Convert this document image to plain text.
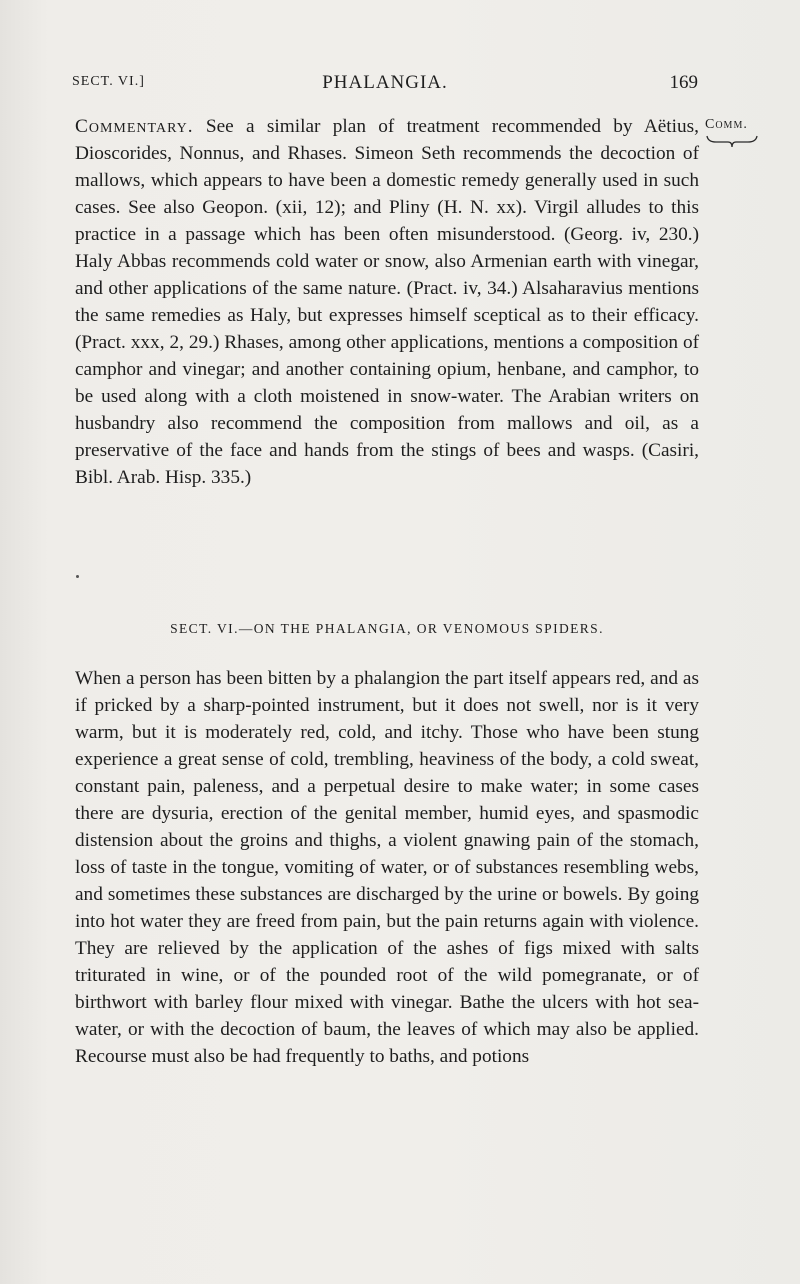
SECT. VI.]	PHALANGIA.	169
Comm.

Commentary. See a similar plan of treatment recommended by Aëtius, Dioscorides, Nonnus, and Rhases. Simeon Seth recommends the decoction of mallows, which appears to have been a domestic remedy generally used in such cases. See also Geopon. (xii, 12); and Pliny (H. N. xx). Virgil alludes to this practice in a passage which has been often misunderstood. (Georg. iv, 230.) Haly Abbas recommends cold water or snow, also Armenian earth with vinegar, and other applications of the same nature. (Pract. iv, 34.) Alsaharavius mentions the same remedies as Haly, but expresses himself sceptical as to their efficacy. (Pract. xxx, 2, 29.) Rhases, among other applications, mentions a composition of camphor and vinegar; and another containing opium, henbane, and camphor, to be used along with a cloth moistened in snow-water. The Arabian writers on husbandry also recommend the composition from mallows and oil, as a preservative of the face and hands from the stings of bees and wasps. (Casiri, Bibl. Arab. Hisp. 335.)

SECT. VI.—ON THE PHALANGIA, OR VENOMOUS SPIDERS.

When a person has been bitten by a phalangion the part itself appears red, and as if pricked by a sharp-pointed instrument, but it does not swell, nor is it very warm, but it is moderately red, cold, and itchy. Those who have been stung experience a great sense of cold, trembling, heaviness of the body, a cold sweat, constant pain, paleness, and a perpetual desire to make water; in some cases there are dysuria, erection of the genital member, humid eyes, and spasmodic distension about the groins and thighs, a violent gnawing pain of the stomach, loss of taste in the tongue, vomiting of water, or of substances resembling webs, and sometimes these substances are discharged by the urine or bowels. By going into hot water they are freed from pain, but the pain returns again with violence. They are relieved by the application of the ashes of figs mixed with salts triturated in wine, or of the pounded root of the wild pomegranate, or of birthwort with barley flour mixed with vinegar. Bathe the ulcers with hot sea-water, or with the decoction of baum, the leaves of which may also be applied. Recourse must also be had frequently to baths, and potions
